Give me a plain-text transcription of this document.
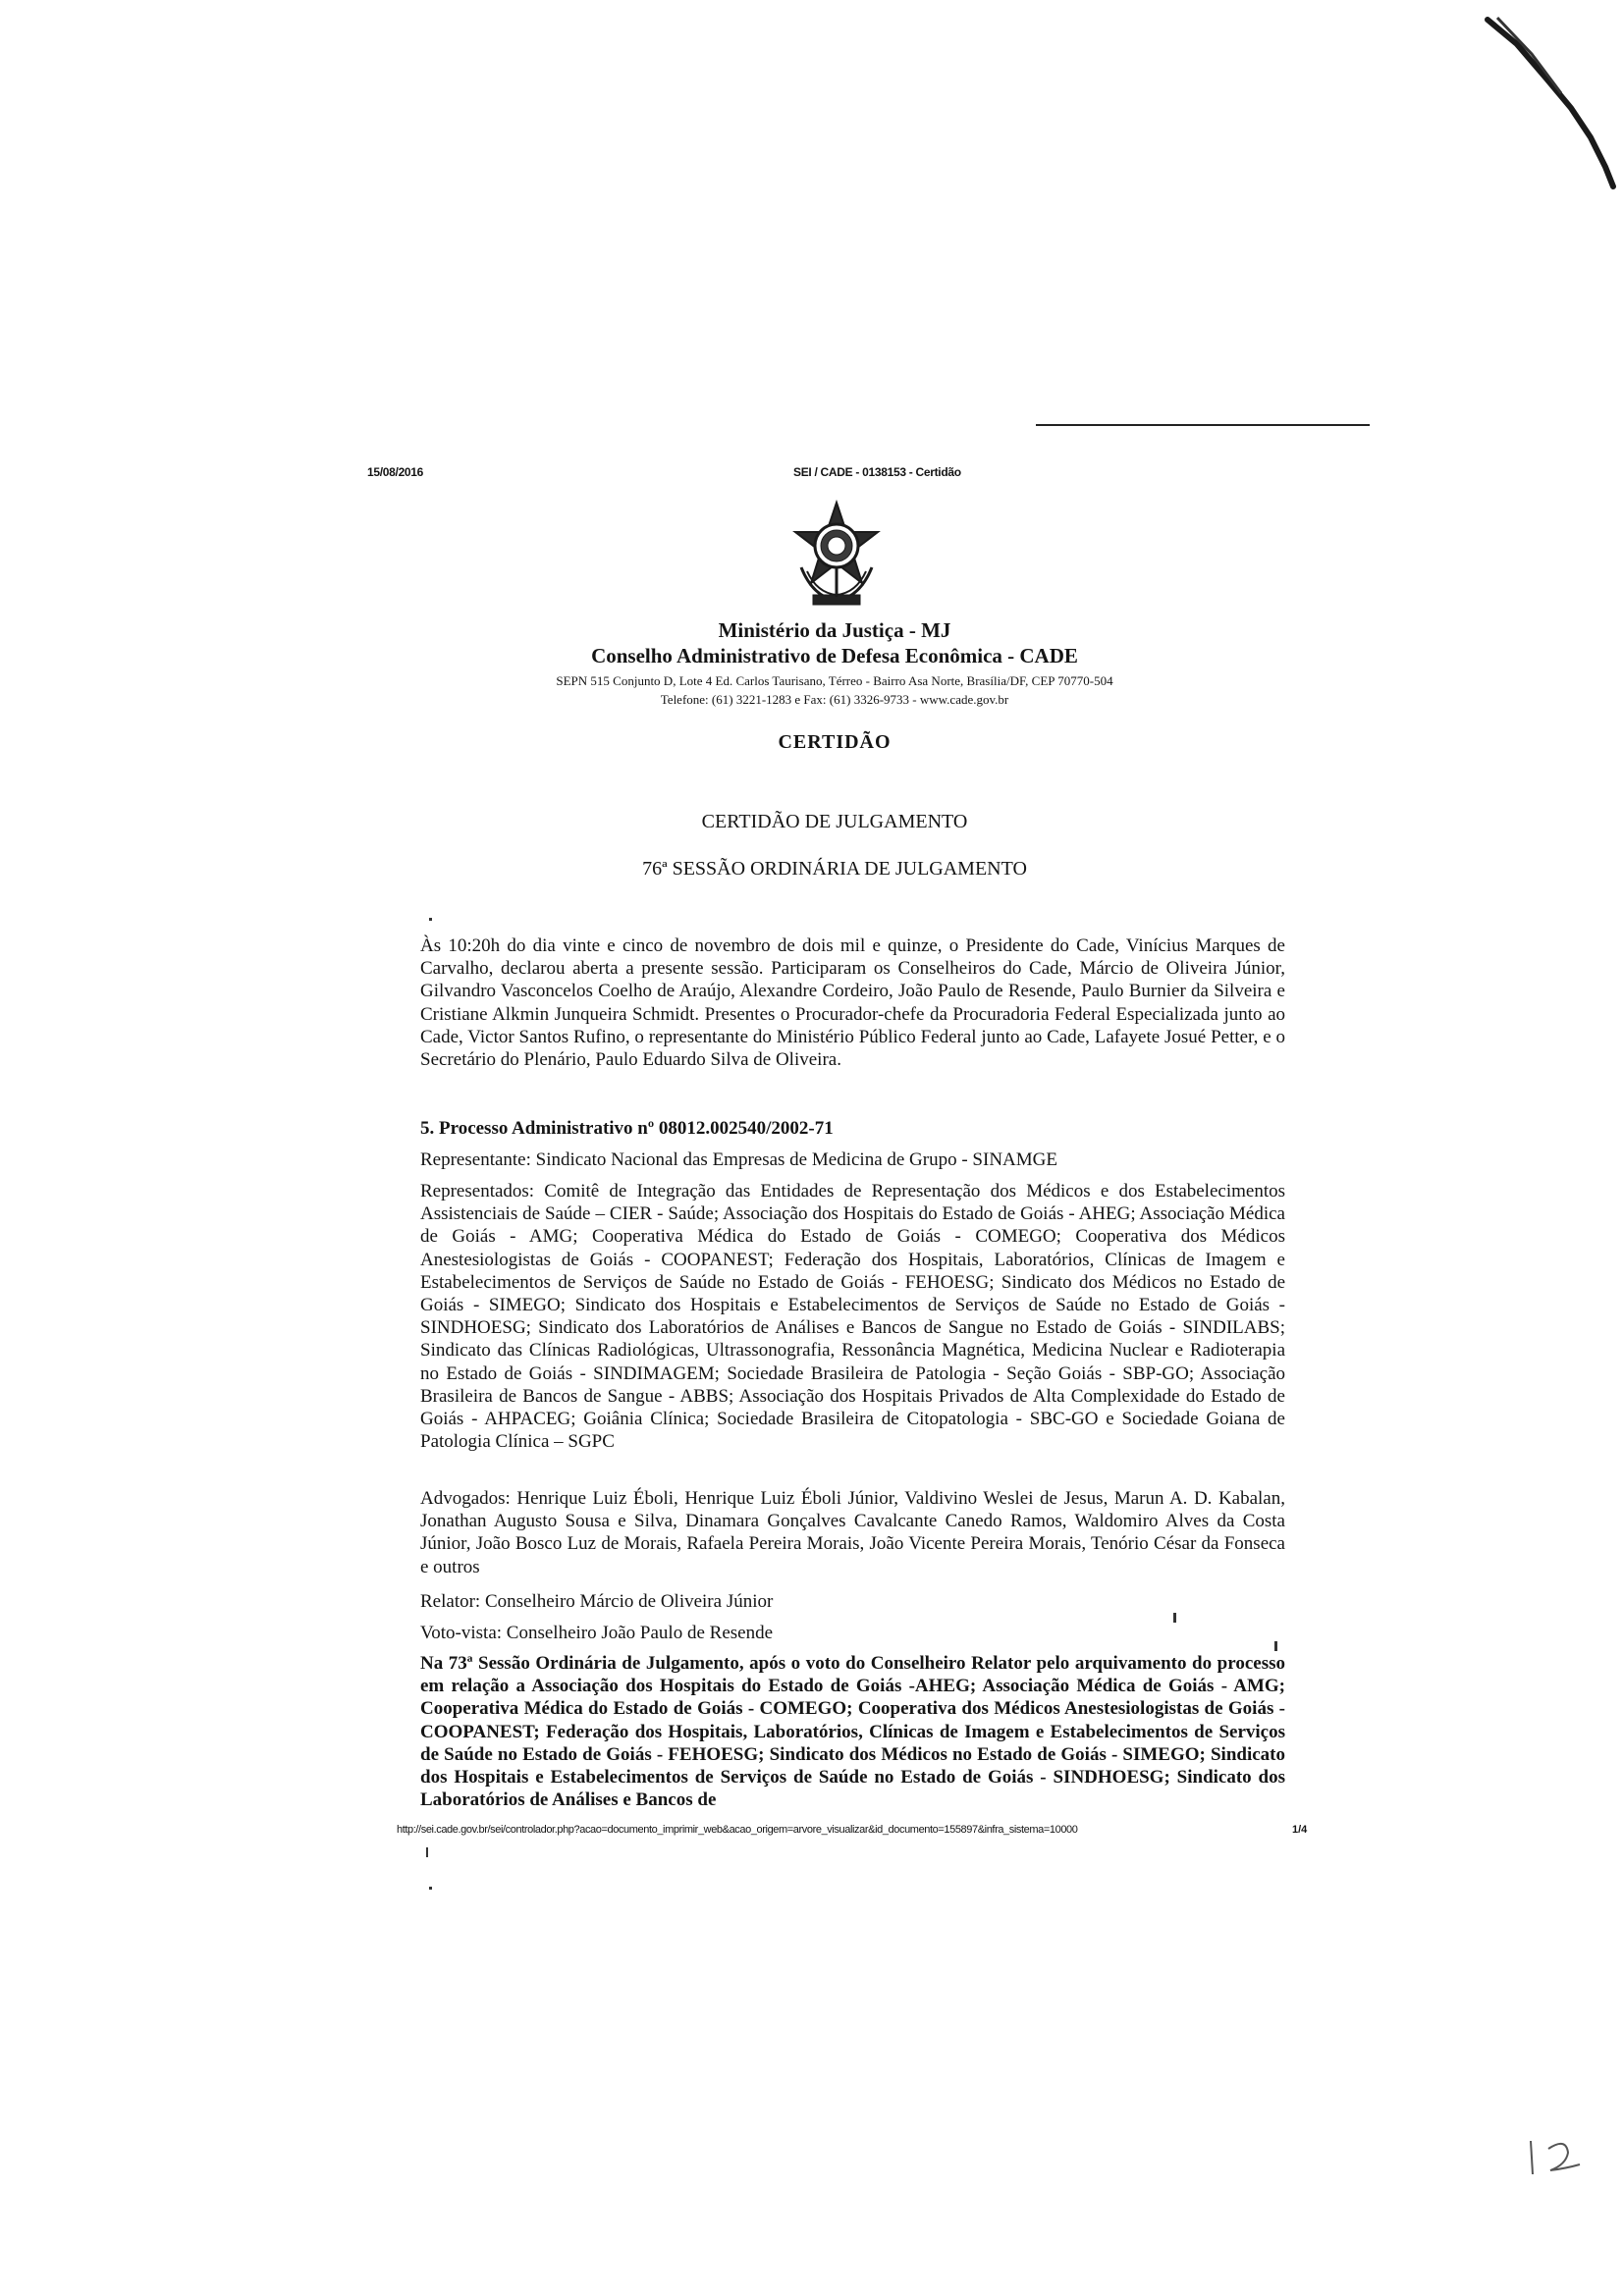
15/08/2016	SEI / CADE - 0138153 - Certidão
Ministério da Justiça - MJ
Conselho Administrativo de Defesa Econômica - CADE
SEPN 515 Conjunto D, Lote 4 Ed. Carlos Taurisano, Térreo - Bairro Asa Norte, Brasília/DF, CEP 70770-504
Telefone: (61) 3221-1283 e Fax: (61) 3326-9733 - www.cade.gov.br
CERTIDÃO
CERTIDÃO DE JULGAMENTO
76ª SESSÃO ORDINÁRIA DE JULGAMENTO
Às 10:20h do dia vinte e cinco de novembro de dois mil e quinze, o Presidente do Cade, Vinícius Marques de Carvalho, declarou aberta a presente sessão. Participaram os Conselheiros do Cade, Márcio de Oliveira Júnior, Gilvandro Vasconcelos Coelho de Araújo, Alexandre Cordeiro, João Paulo de Resende, Paulo Burnier da Silveira e Cristiane Alkmin Junqueira Schmidt. Presentes o Procurador-chefe da Procuradoria Federal Especializada junto ao Cade, Victor Santos Rufino, o representante do Ministério Público Federal junto ao Cade, Lafayete Josué Petter, e o Secretário do Plenário, Paulo Eduardo Silva de Oliveira.
5. Processo Administrativo nº 08012.002540/2002-71
Representante: Sindicato Nacional das Empresas de Medicina de Grupo - SINAMGE
Representados: Comitê de Integração das Entidades de Representação dos Médicos e dos Estabelecimentos Assistenciais de Saúde – CIER - Saúde; Associação dos Hospitais do Estado de Goiás - AHEG; Associação Médica de Goiás - AMG; Cooperativa Médica do Estado de Goiás - COMEGO; Cooperativa dos Médicos Anestesiologistas de Goiás - COOPANEST; Federação dos Hospitais, Laboratórios, Clínicas de Imagem e Estabelecimentos de Serviços de Saúde no Estado de Goiás - FEHOESG; Sindicato dos Médicos no Estado de Goiás - SIMEGO; Sindicato dos Hospitais e Estabelecimentos de Serviços de Saúde no Estado de Goiás - SINDHOESG; Sindicato dos Laboratórios de Análises e Bancos de Sangue no Estado de Goiás - SINDILABS; Sindicato das Clínicas Radiológicas, Ultrassonografia, Ressonância Magnética, Medicina Nuclear e Radioterapia no Estado de Goiás - SINDIMAGEM; Sociedade Brasileira de Patologia - Seção Goiás - SBP-GO; Associação Brasileira de Bancos de Sangue - ABBS; Associação dos Hospitais Privados de Alta Complexidade do Estado de Goiás - AHPACEG; Goiânia Clínica; Sociedade Brasileira de Citopatologia - SBC-GO e Sociedade Goiana de Patologia Clínica – SGPC
Advogados: Henrique Luiz Éboli, Henrique Luiz Éboli Júnior, Valdivino Weslei de Jesus, Marun A. D. Kabalan, Jonathan Augusto Sousa e Silva, Dinamara Gonçalves Cavalcante Canedo Ramos, Waldomiro Alves da Costa Júnior, João Bosco Luz de Morais, Rafaela Pereira Morais, João Vicente Pereira Morais, Tenório César da Fonseca e outros
Relator: Conselheiro Márcio de Oliveira Júnior
Voto-vista: Conselheiro João Paulo de Resende
Na 73ª Sessão Ordinária de Julgamento, após o voto do Conselheiro Relator pelo arquivamento do processo em relação a Associação dos Hospitais do Estado de Goiás -AHEG; Associação Médica de Goiás - AMG; Cooperativa Médica do Estado de Goiás - COMEGO; Cooperativa dos Médicos Anestesiologistas de Goiás - COOPANEST; Federação dos Hospitais, Laboratórios, Clínicas de Imagem e Estabelecimentos de Serviços de Saúde no Estado de Goiás - FEHOESG; Sindicato dos Médicos no Estado de Goiás - SIMEGO; Sindicato dos Hospitais e Estabelecimentos de Serviços de Saúde no Estado de Goiás - SINDHOESG; Sindicato dos Laboratórios de Análises e Bancos de
http://sei.cade.gov.br/sei/controlador.php?acao=documento_imprimir_web&acao_origem=arvore_visualizar&id_documento=155897&infra_sistema=10000	1/4
